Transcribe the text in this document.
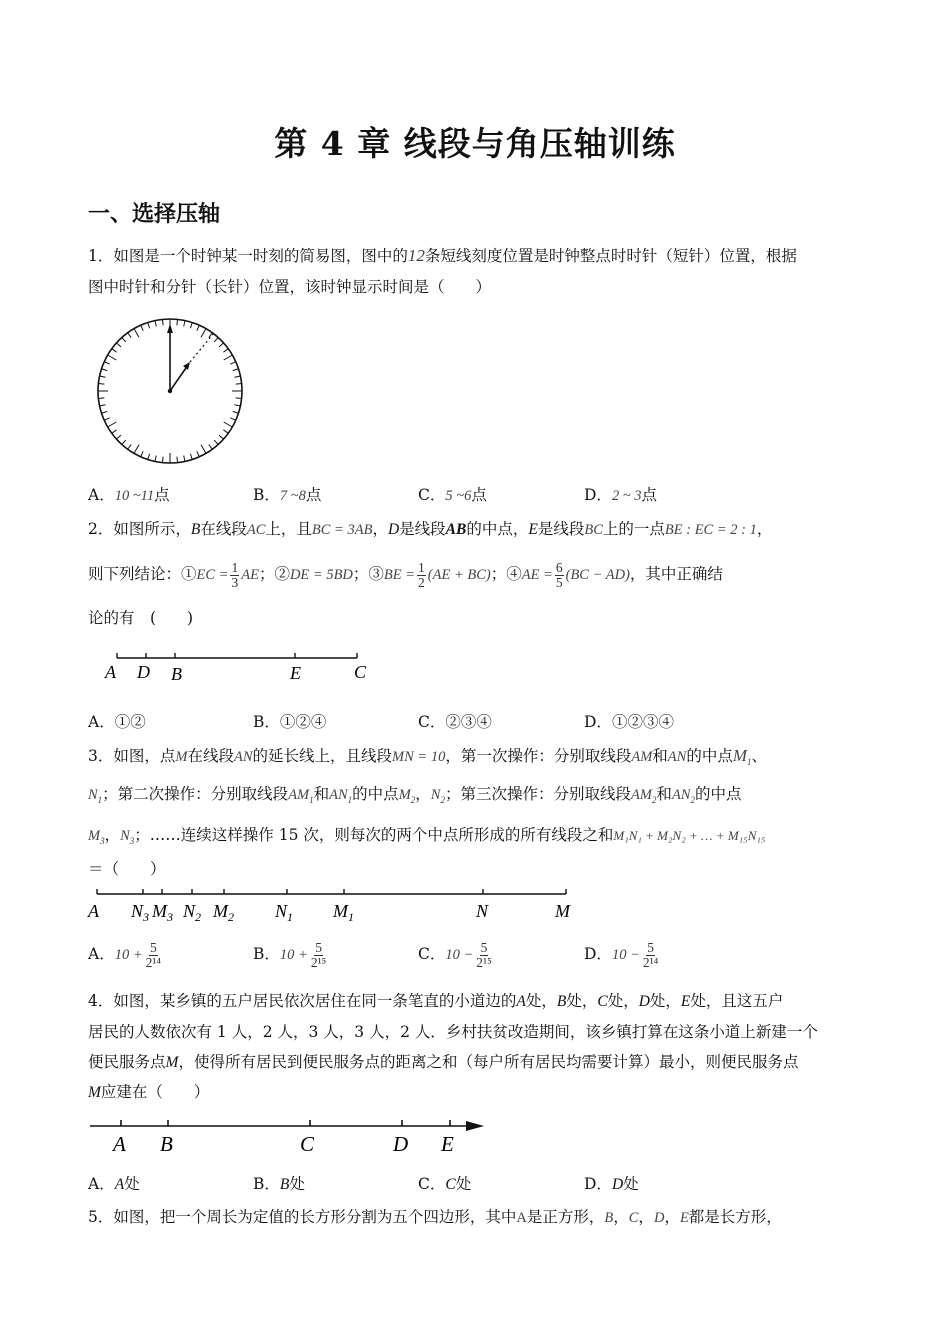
第 4 章 线段与角压轴训练
一、选择压轴
1．如图是一个时钟某一时刻的简易图，图中的12条短线刻度位置是时钟整点时时针（短针）位置，根据
图中时针和分针（长针）位置，该时钟显示时间是（　　）
A．10 ~11点	B．7 ~8点	C．5 ~6点	D．2 ~ 3点
2．如图所示，B在线段AC上，且BC = 3AB，D是线段AB的中点，E是线段BC上的一点BE : EC = 2 : 1，
则下列结论：①EC = $\frac{1}{3}$ AE；②DE = 5BD；③BE = $\frac{1}{2} (AE + BC)$；④AE = $\frac{6}{5} (BC - AD)$，其中正确结
论的有　(　　)
A D B	E	C
A．①②	B．①②④	C．②③④	D．①②③④
3．如图，点M在线段AN的延长线上，且线段MN = 10，第一次操作：分别取线段AM和AN的中点$M_1$、
$N_1$；第二次操作：分别取线段$AM_1$和$AN_1$的中点$M_2$，$N_2$；第三次操作：分别取线段$AM_2$和$AN_2$的中点
$M_3$，$N_3$；……连续这样操作 15 次，则每次的两个中点所形成的所有线段之和M₁N₁ + M₂N₂ + … + M₁₅N₁₅
＝（　　）
A $N_3$ $M_3$ $N_2$ $M_2$ $N_1$ $M_1$	N	M
A．$10 + \frac{5}{\text{2¹⁴}}$	B．$10 + \frac{5}{\text{2¹⁵}}$	C．$10 - \frac{5}{\text{2¹⁵}}$	D．$10 - \frac{5}{\text{2¹⁴}}$
4．如图，某乡镇的五户居民依次居住在同一条笔直的小道边的A处，B处，C处，D处，E处，且这五户
居民的人数依次有 1 人，2 人，3 人，3 人，2 人．乡村扶贫改造期间，该乡镇打算在这条小道上新建一个
便民服务点M，使得所有居民到便民服务点的距离之和（每户所有居民均需要计算）最小，则便民服务点
M应建在（　　）
A B	C	D E
A．A处	B．B处	C．C处	D．D处
5．如图，把一个周长为定值的长方形分割为五个四边形，其中A是正方形，B，C，D，E都是长方形，
